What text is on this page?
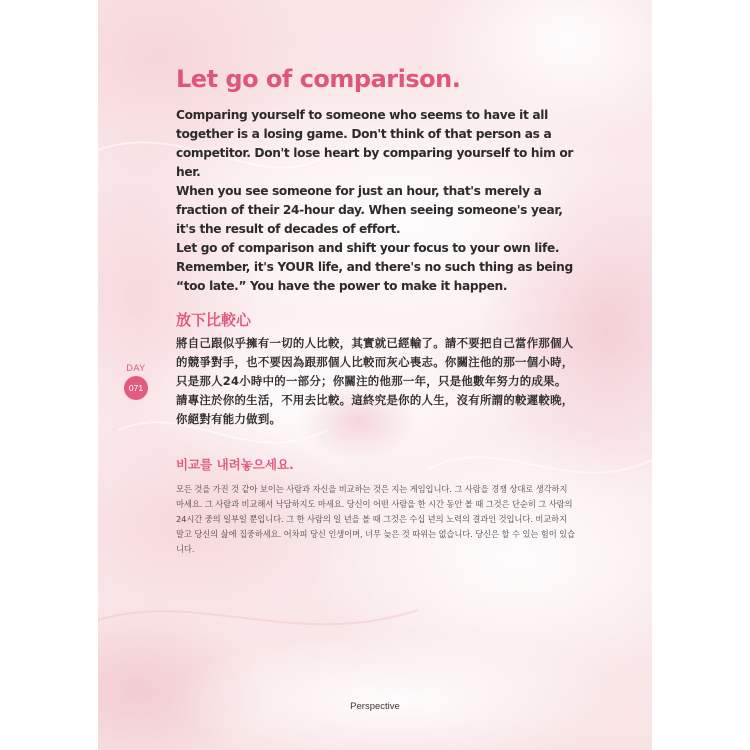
Let go of comparison.

Comparing yourself to someone who seems to have it all together is a losing game. Don't think of that person as a competitor. Don't lose heart by comparing yourself to him or her.

When you see someone for just an hour, that's merely a fraction of their 24-hour day. When seeing someone's year, it's the result of decades of effort.

Let go of comparison and shift your focus to your own life.

Remember, it's YOUR life, and there's no such thing as being “too late.” You have the power to make it happen.

DAY
071
放下比較心

將自己跟似乎擁有一切的人比較，其實就已經輸了。請不要把自己當作那個人的競爭對手，也不要因為跟那個人比較而灰心喪志。你關注他的那一個小時，只是那人24小時中的一部分；你關注的他那一年，只是他數年努力的成果。請專注於你的生活，不用去比較。這終究是你的人生，沒有所謂的較遲較晚，你絕對有能力做到。

비교를 내려놓으세요.

모든 것을 가진 것 같아 보이는 사람과 자신을 비교하는 것은 지는 게임입니다. 그 사람을 경쟁 상대로 생각하지 마세요. 그 사람과 비교해서 낙담하지도 마세요. 당신이 어떤 사람을 한 시간 동안 볼 때 그것은 단순히 그 사람의 24시간 중의 일부일 뿐입니다. 그 한 사람의 일 년을 볼 때 그것은 수십 년의 노력의 결과인 것입니다. 비교하지 말고 당신의 삶에 집중하세요. 어차피 당신 인생이며, 너무 늦은 것 따위는 없습니다. 당신은 할 수 있는 힘이 있습니다.

Perspective
